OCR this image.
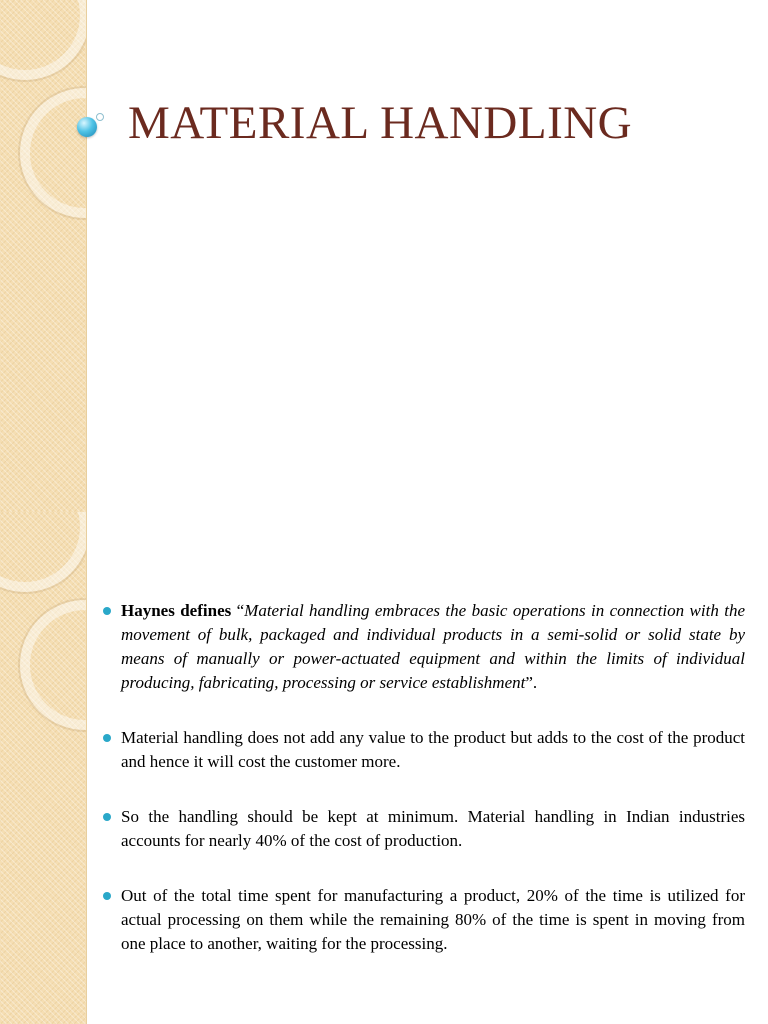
MATERIAL HANDLING
Haynes defines “Material handling embraces the basic operations in connection with the movement of bulk, packaged and individual products in a semi-solid or solid state by means of manually or power-actuated equipment and within the limits of individual producing, fabricating, processing or service establishment”.
Material handling does not add any value to the product but adds to the cost of the product and hence it will cost the customer more.
So the handling should be kept at minimum. Material handling in Indian industries accounts for nearly 40% of the cost of production.
Out of the total time spent for manufacturing a product, 20% of the time is utilized for actual processing on them while the remaining 80% of the time is spent in moving from one place to another, waiting for the processing.
